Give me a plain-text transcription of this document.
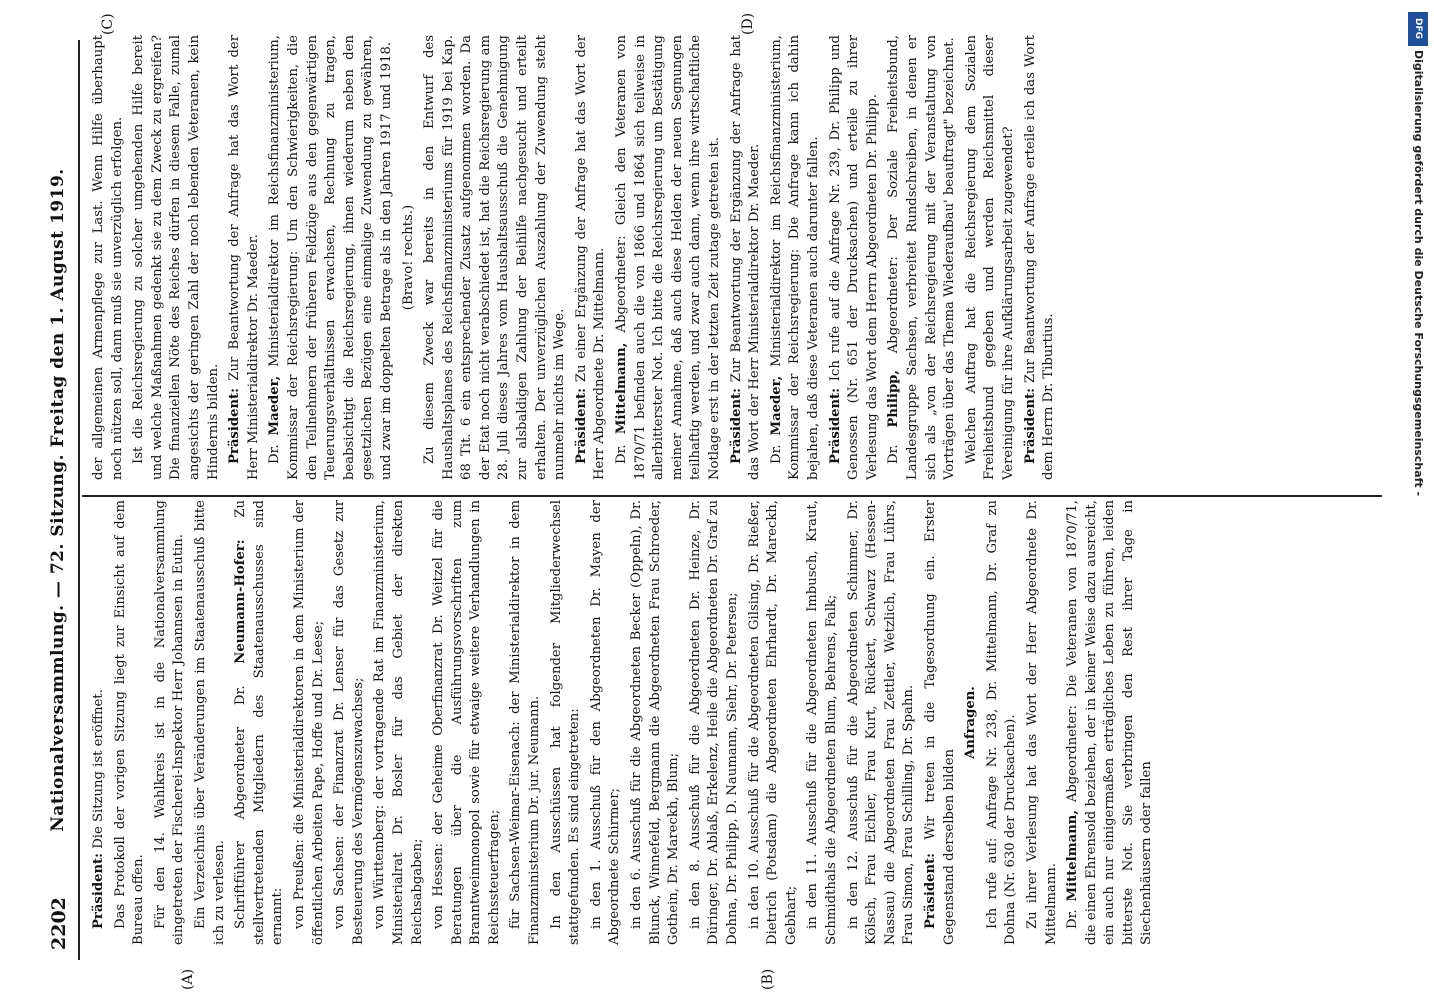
2202
Nationalversammlung. — 72. Sitzung. Freitag den 1. August 1919.
(A)	(B)
(C)	(D)

Präsident: Die Sitzung ist eröffnet. Das Protokoll der vorigen Sitzung liegt zur Einsicht auf dem Bureau offen. Für den 14. Wahlkreis ist in die Nationalversammlung eingetreten der Fischerei-Inspektor Herr Johannsen in Eutin. Ein Verzeichnis über Veränderungen im Staatenausschuß bitte ich zu verlesen. Schriftführer Abgeordneter Dr. Neumann-Hofer: Zu stellvertretenden Mitgliedern des Staatenausschusses sind ernannt: von Preußen: die Ministerialdirektoren in dem Ministerium der öffentlichen Arbeiten Pape, Hoffe und Dr. Leese; von Sachsen: der Finanzrat Dr. Lenser für das Gesetz zur Besteuerung des Vermögenszuwachses; von Württemberg: der vortragende Rat im Finanzministerium, Ministerialrat Dr. Bosler für das Gebiet der direkten Reichsabgaben; von Hessen: der Geheime Oberfinanzrat Dr. Weitzel für die Beratungen über die Ausführungsvorschriften zum Branntweinmonopol sowie für etwaige weitere Verhandlungen in Reichssteuerfragen; für Sachsen-Weimar-Eisenach: der Ministerialdirektor in dem Finanzministerium Dr. jur. Neumann. In den Ausschüssen hat folgender Mitgliederwechsel stattgefunden. Es sind eingetreten: in den 1. Ausschuß für den Abgeordneten Dr. Mayen der Abgeordnete Schirmer; in den 6. Ausschuß für die Abgeordneten Becker (Oppeln), Dr. Blunck, Winnefeld, Bergmann die Abgeordneten Frau Schroeder, Gothein, Dr. Mareckh, Blum; in den 8. Ausschuß für die Abgeordneten Dr. Heinze, Dr. Düringer, Dr. Ablaß, Erkelenz, Heile die Abgeordneten Dr. Graf zu Dohna, Dr. Philipp, D. Naumann, Siehr, Dr. Petersen; in den 10. Ausschuß für die Abgeordneten Gilsing, Dr. Rießer, Dietrich (Potsdam) die Abgeordneten Ehrhardt, Dr. Mareckh, Gebhart; in den 11. Ausschuß für die Abgeordneten Imbusch, Kraut, Schmidthals die Abgeordneten Blum, Behrens, Falk; in den 12. Ausschuß für die Abgeordneten Schimmer, Dr. Kölsch, Frau Eichler, Frau Kurt, Rückert, Schwarz (Hessen-Nassau) die Abgeordneten Frau Zettler, Wetzlich, Frau Lührs, Frau Simon, Frau Schilling, Dr. Spahn. Präsident: Wir treten in die Tagesordnung ein. Erster Gegenstand derselben bilden

Anfragen. Ich rufe auf: Anfrage Nr. 238, Dr. Mittelmann, Dr. Graf zu Dohna (Nr. 630 der Drucksachen). Zu ihrer Verlesung hat das Wort der Herr Abgeordnete Dr. Mittelmann. Dr. Mittelmann, Abgeordneter: Die Veteranen von 1870/71, die einen Ehrensold beziehen, der in keiner Weise dazu ausreicht, ein auch nur einigermaßen erträgliches Leben zu führen, leiden bitterste Not. Sie verbringen den Rest ihrer Tage in Siechenhäusern oder fallen

der allgemeinen Armenpflege zur Last. Wenn Hilfe überhaupt noch nützen soll, dann muß sie unverzüglich erfolgen. Ist die Reichsregierung zu solcher umgehenden Hilfe bereit und welche Maßnahmen gedenkt sie zu dem Zweck zu ergreifen? Die finanziellen Nöte des Reiches dürfen in diesem Falle, zumal angesichts der geringen Zahl der noch lebenden Veteranen, kein Hindernis bilden. Präsident: Zur Beantwortung der Anfrage hat das Wort der Herr Ministerialdirektor Dr. Maeder. Dr. Maeder, Ministerialdirektor im Reichsfinanzministerium, Kommissar der Reichsregierung: Um den Schwierigkeiten, die den Teilnehmern der früheren Feldzüge aus den gegenwärtigen Teuerungsverhältnissen erwachsen, Rechnung zu tragen, beabsichtigt die Reichsregierung, ihnen wiederum neben den gesetzlichen Bezügen eine einmalige Zuwendung zu gewähren, und zwar im doppelten Betrage als in den Jahren 1917 und 1918. (Bravo! rechts.) Zu diesem Zweck war bereits in den Entwurf des Haushaltsplanes des Reichsfinanzministeriums für 1919 bei Kap. 68 Tit. 6 ein entsprechender Zusatz aufgenommen worden. Da der Etat noch nicht verabschiedet ist, hat die Reichsregierung am 28. Juli dieses Jahres vom Haushaltsausschuß die Genehmigung zur alsbaldigen Zahlung der Beihilfe nachgesucht und erteilt erhalten. Der unverzüglichen Auszahlung der Zuwendung steht nunmehr nichts im Wege. Präsident: Zu einer Ergänzung der Anfrage hat das Wort der Herr Abgeordnete Dr. Mittelmann. Dr. Mittelmann, Abgeordneter: Gleich den Veteranen von 1870/71 befinden auch die von 1866 und 1864 sich teilweise in allerbitterster Not. Ich bitte die Reichsregierung um Bestätigung meiner Annahme, daß auch diese Helden der neuen Segnungen teilhaftig werden, und zwar auch dann, wenn ihre wirtschaftliche Notlage erst in der letzten Zeit zutage getreten ist. Präsident: Zur Beantwortung der Ergänzung der Anfrage hat das Wort der Herr Ministerialdirektor Dr. Maeder. Dr. Maeder, Ministerialdirektor im Reichsfinanzministerium, Kommissar der Reichsregierung: Die Anfrage kann ich dahin bejahen, daß diese Veteranen auch darunter fallen. Präsident: Ich rufe auf die Anfrage Nr. 239, Dr. Philipp und Genossen (Nr. 651 der Drucksachen) und erteile zu ihrer Verlesung das Wort dem Herrn Abgeordneten Dr. Philipp. Dr. Philipp, Abgeordneter: Der Soziale Freiheitsbund, Landesgruppe Sachsen, verbreitet Rundschreiben, in denen er sich als „von der Reichsregierung mit der Veranstaltung von Vorträgen über das Thema Wiederaufbau' beauftragt" bezeichnet. Welchen Auftrag hat die Reichsregierung dem Sozialen Freiheitsbund gegeben und werden Reichsmittel dieser Vereinigung für ihre Aufklärungsarbeit zugewendet? Präsident: Zur Beantwortung der Anfrage erteile ich das Wort dem Herrn Dr. Tiburtius.

DFG
Digitalisierung gefördert durch die Deutsche Forschungsgemeinschaft -
